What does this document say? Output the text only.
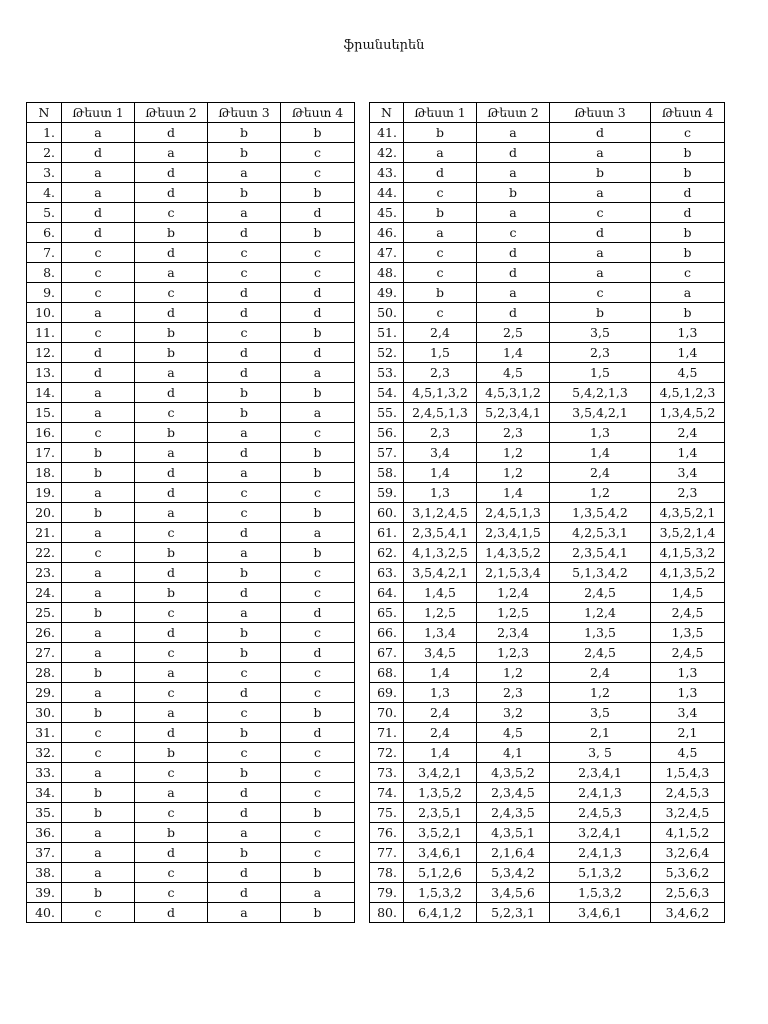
ֆրանսերեն
N	Թեստ 1	Թեստ 2	Թեստ 3	Թեստ 4
1.	a	d	b	b
2.	d	a	b	c
3.	a	d	a	c
4.	a	d	b	b
5.	d	c	a	d
6.	d	b	d	b
7.	c	d	c	c
8.	c	a	c	c
9.	c	c	d	d
10.	a	d	d	d
11.	c	b	c	b
12.	d	b	d	d
13.	d	a	d	a
14.	a	d	b	b
15.	a	c	b	a
16.	c	b	a	c
17.	b	a	d	b
18.	b	d	a	b
19.	a	d	c	c
20.	b	a	c	b
21.	a	c	d	a
22.	c	b	a	b
23.	a	d	b	c
24.	a	b	d	c
25.	b	c	a	d
26.	a	d	b	c
27.	a	c	b	d
28.	b	a	c	c
29.	a	c	d	c
30.	b	a	c	b
31.	c	d	b	d
32.	c	b	c	c
33.	a	c	b	c
34.	b	a	d	c
35.	b	c	d	b
36.	a	b	a	c
37.	a	d	b	c
38.	a	c	d	b
39.	b	c	d	a
40.	c	d	a	b
N	Թեստ 1	Թեստ 2	Թեստ 3	Թեստ 4
41.	b	a	d	c
42.	a	d	a	b
43.	d	a	b	b
44.	c	b	a	d
45.	b	a	c	d
46.	a	c	d	b
47.	c	d	a	b
48.	c	d	a	c
49.	b	a	c	a
50.	c	d	b	b
51.	2,4	2,5	3,5	1,3
52.	1,5	1,4	2,3	1,4
53.	2,3	4,5	1,5	4,5
54.	4,5,1,3,2	4,5,3,1,2	5,4,2,1,3	4,5,1,2,3
55.	2,4,5,1,3	5,2,3,4,1	3,5,4,2,1	1,3,4,5,2
56.	2,3	2,3	1,3	2,4
57.	3,4	1,2	1,4	1,4
58.	1,4	1,2	2,4	3,4
59.	1,3	1,4	1,2	2,3
60.	3,1,2,4,5	2,4,5,1,3	1,3,5,4,2	4,3,5,2,1
61.	2,3,5,4,1	2,3,4,1,5	4,2,5,3,1	3,5,2,1,4
62.	4,1,3,2,5	1,4,3,5,2	2,3,5,4,1	4,1,5,3,2
63.	3,5,4,2,1	2,1,5,3,4	5,1,3,4,2	4,1,3,5,2
64.	1,4,5	1,2,4	2,4,5	1,4,5
65.	1,2,5	1,2,5	1,2,4	2,4,5
66.	1,3,4	2,3,4	1,3,5	1,3,5
67.	3,4,5	1,2,3	2,4,5	2,4,5
68.	1,4	1,2	2,4	1,3
69.	1,3	2,3	1,2	1,3
70.	2,4	3,2	3,5	3,4
71.	2,4	4,5	2,1	2,1
72.	1,4	4,1	3, 5	4,5
73.	3,4,2,1	4,3,5,2	2,3,4,1	1,5,4,3
74.	1,3,5,2	2,3,4,5	2,4,1,3	2,4,5,3
75.	2,3,5,1	2,4,3,5	2,4,5,3	3,2,4,5
76.	3,5,2,1	4,3,5,1	3,2,4,1	4,1,5,2
77.	3,4,6,1	2,1,6,4	2,4,1,3	3,2,6,4
78.	5,1,2,6	5,3,4,2	5,1,3,2	5,3,6,2
79.	1,5,3,2	3,4,5,6	1,5,3,2	2,5,6,3
80.	6,4,1,2	5,2,3,1	3,4,6,1	3,4,6,2
